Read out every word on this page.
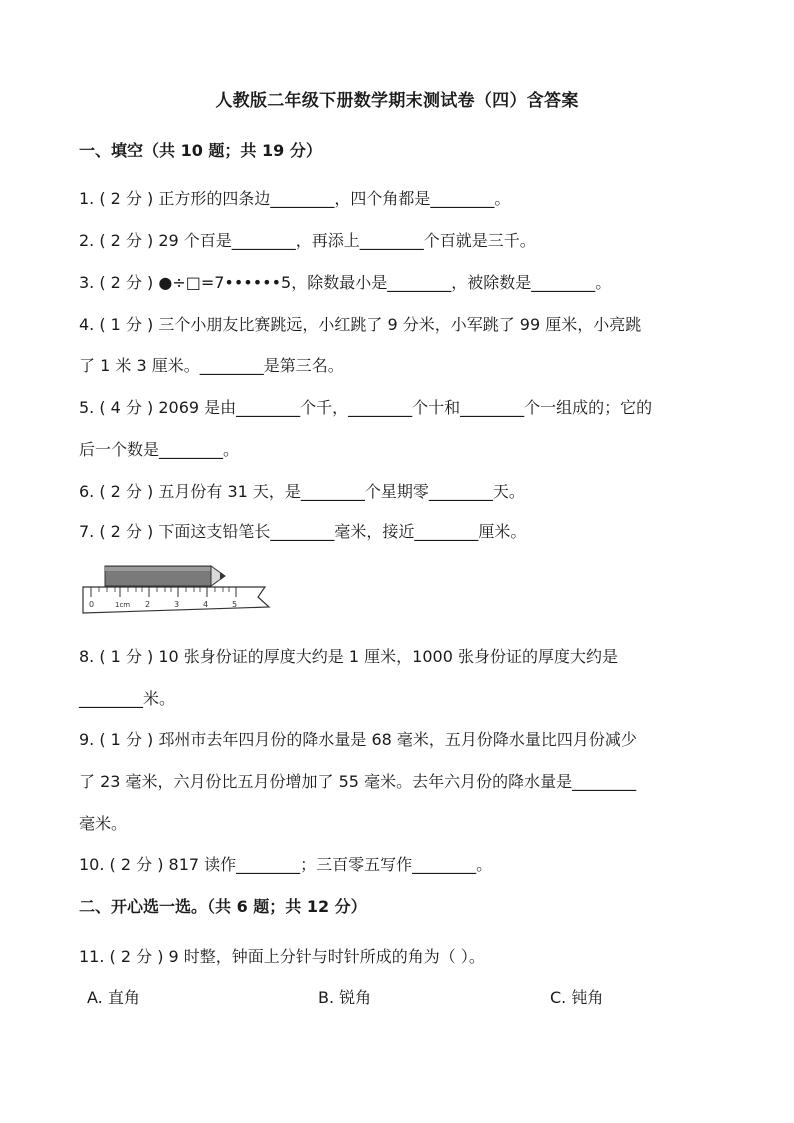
人教版二年级下册数学期末测试卷（四）含答案
一、填空（共 10 题；共 19 分）
1. ( 2 分 ) 正方形的四条边________，四个角都是________。
2. ( 2 分 ) 29 个百是________，再添上________个百就是三千。
3. ( 2 分 ) ●÷□=7••••••5，除数最小是________，被除数是________。
4. ( 1 分 ) 三个小朋友比赛跳远，小红跳了 9 分米，小军跳了 99 厘米，小亮跳
了 1 米 3 厘米。________是第三名。
5. ( 4 分 ) 2069 是由________个千，________个十和________个一组成的；它的
后一个数是________。
6. ( 2 分 ) 五月份有 31 天，是________个星期零________天。
7. ( 2 分 ) 下面这支铅笔长________毫米，接近________厘米。
0	1cm 2	3	4	5
8. ( 1 分 ) 10 张身份证的厚度大约是 1 厘米，1000 张身份证的厚度大约是
________米。
9. ( 1 分 ) 邳州市去年四月份的降水量是 68 毫米，五月份降水量比四月份减少
了 23 毫米，六月份比五月份增加了 55 毫米。去年六月份的降水量是________
毫米。
10. ( 2 分 ) 817 读作________；三百零五写作________。
二、开心选一选。（共 6 题；共 12 分）
11. ( 2 分 ) 9 时整，钟面上分针与时针所成的角为（ ）。
A. 直角	B. 锐角	C. 钝角
